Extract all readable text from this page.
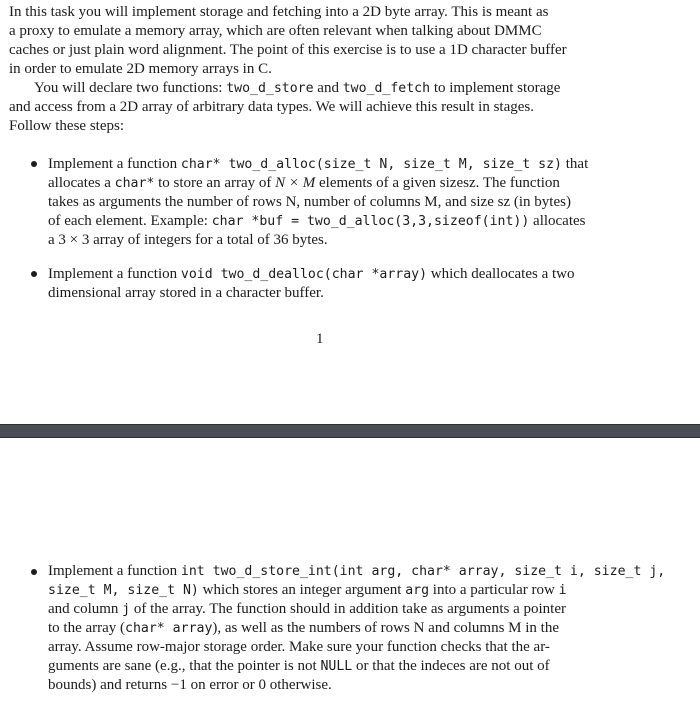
In this task you will implement storage and fetching into a 2D byte array. This is meant as
a proxy to emulate a memory array, which are often relevant when talking about DMMC
caches or just plain word alignment. The point of this exercise is to use a 1D character buffer
in order to emulate 2D memory arrays in C.
You will declare two functions: two_d_store and two_d_fetch to implement storage
and access from a 2D array of arbitrary data types. We will achieve this result in stages.
Follow these steps:
Implement a function char* two_d_alloc(size_t N, size_t M, size_t sz) that
allocates a char* to store an array of N × M elements of a given sizesz. The function
takes as arguments the number of rows N, number of columns M, and size sz (in bytes)
of each element. Example: char *buf = two_d_alloc(3,3,sizeof(int)) allocates
a 3 × 3 array of integers for a total of 36 bytes.
Implement a function void two_d_dealloc(char *array) which deallocates a two
dimensional array stored in a character buffer.
1
Implement a function int two_d_store_int(int arg, char* array, size_t i, size_t j,
size_t M, size_t N) which stores an integer argument arg into a particular row i
and column j of the array. The function should in addition take as arguments a pointer
to the array (char* array), as well as the numbers of rows N and columns M in the
array. Assume row-major storage order. Make sure your function checks that the ar-
guments are sane (e.g., that the pointer is not NULL or that the indeces are not out of
bounds) and returns −1 on error or 0 otherwise.
